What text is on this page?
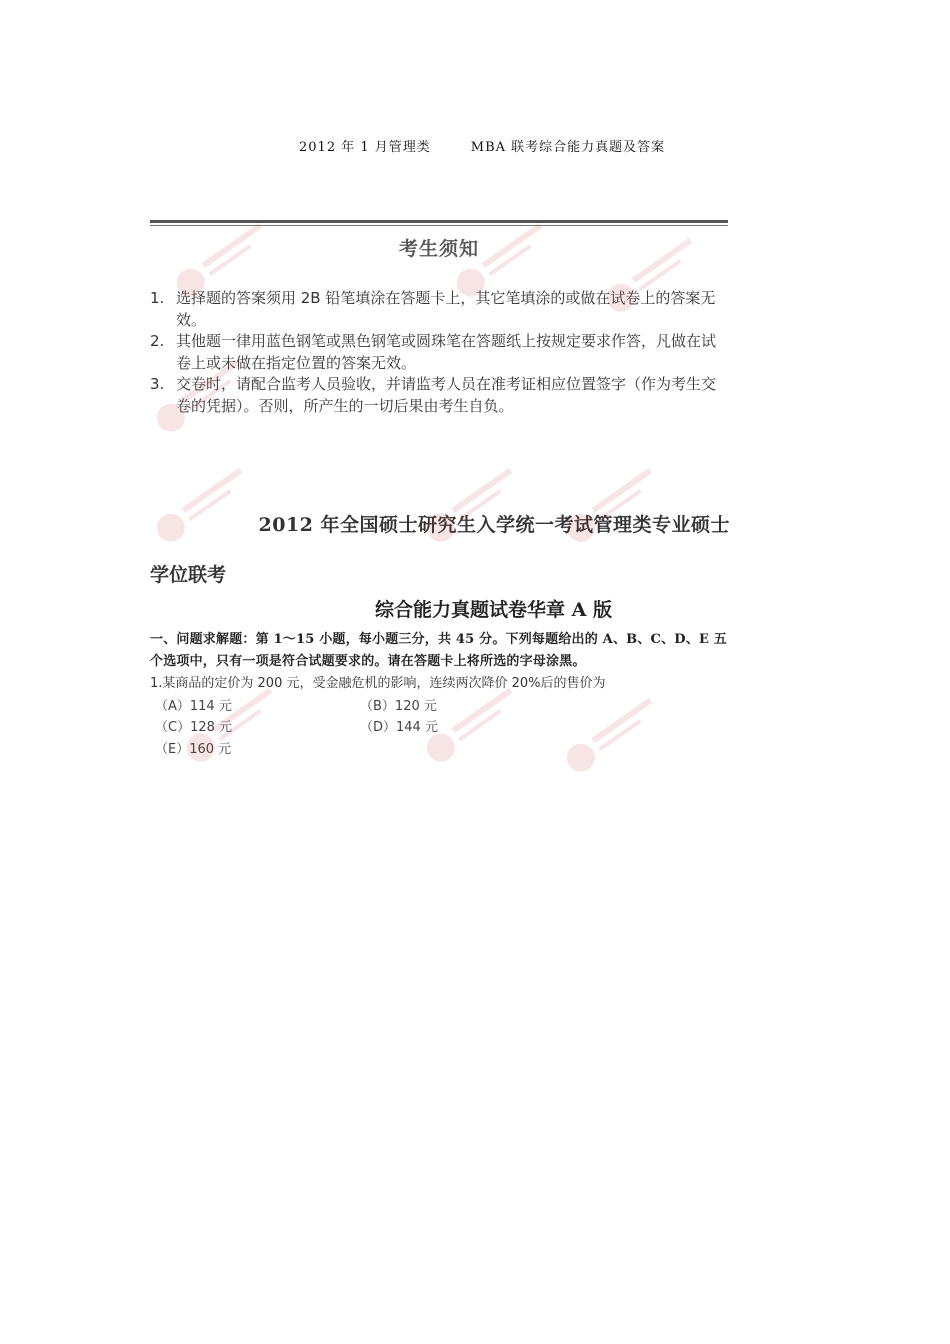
2012 年 1 月管理类	MBA 联考综合能力真题及答案
考生须知
1. 选择题的答案须用 2B 铅笔填涂在答题卡上，其它笔填涂的或做在试卷上的答案无效。
2. 其他题一律用蓝色钢笔或黑色钢笔或圆珠笔在答题纸上按规定要求作答，凡做在试卷上或未做在指定位置的答案无效。
3. 交卷时，请配合监考人员验收，并请监考人员在准考证相应位置签字（作为考生交卷的凭据）。否则，所产生的一切后果由考生自负。
2012 年全国硕士研究生入学统一考试管理类专业硕士
学位联考
综合能力真题试卷华章 A 版
一、问题求解题：第 1～15 小题，每小题三分，共 45 分。下列每题给出的 A、B、C、D、E 五个选项中，只有一项是符合试题要求的。请在答题卡上将所选的字母涂黑。
1.某商品的定价为 200 元，受金融危机的影响，连续两次降价 20%后的售价为
（A）114 元	（B）120 元
（C）128 元	（D）144 元
（E）160 元
